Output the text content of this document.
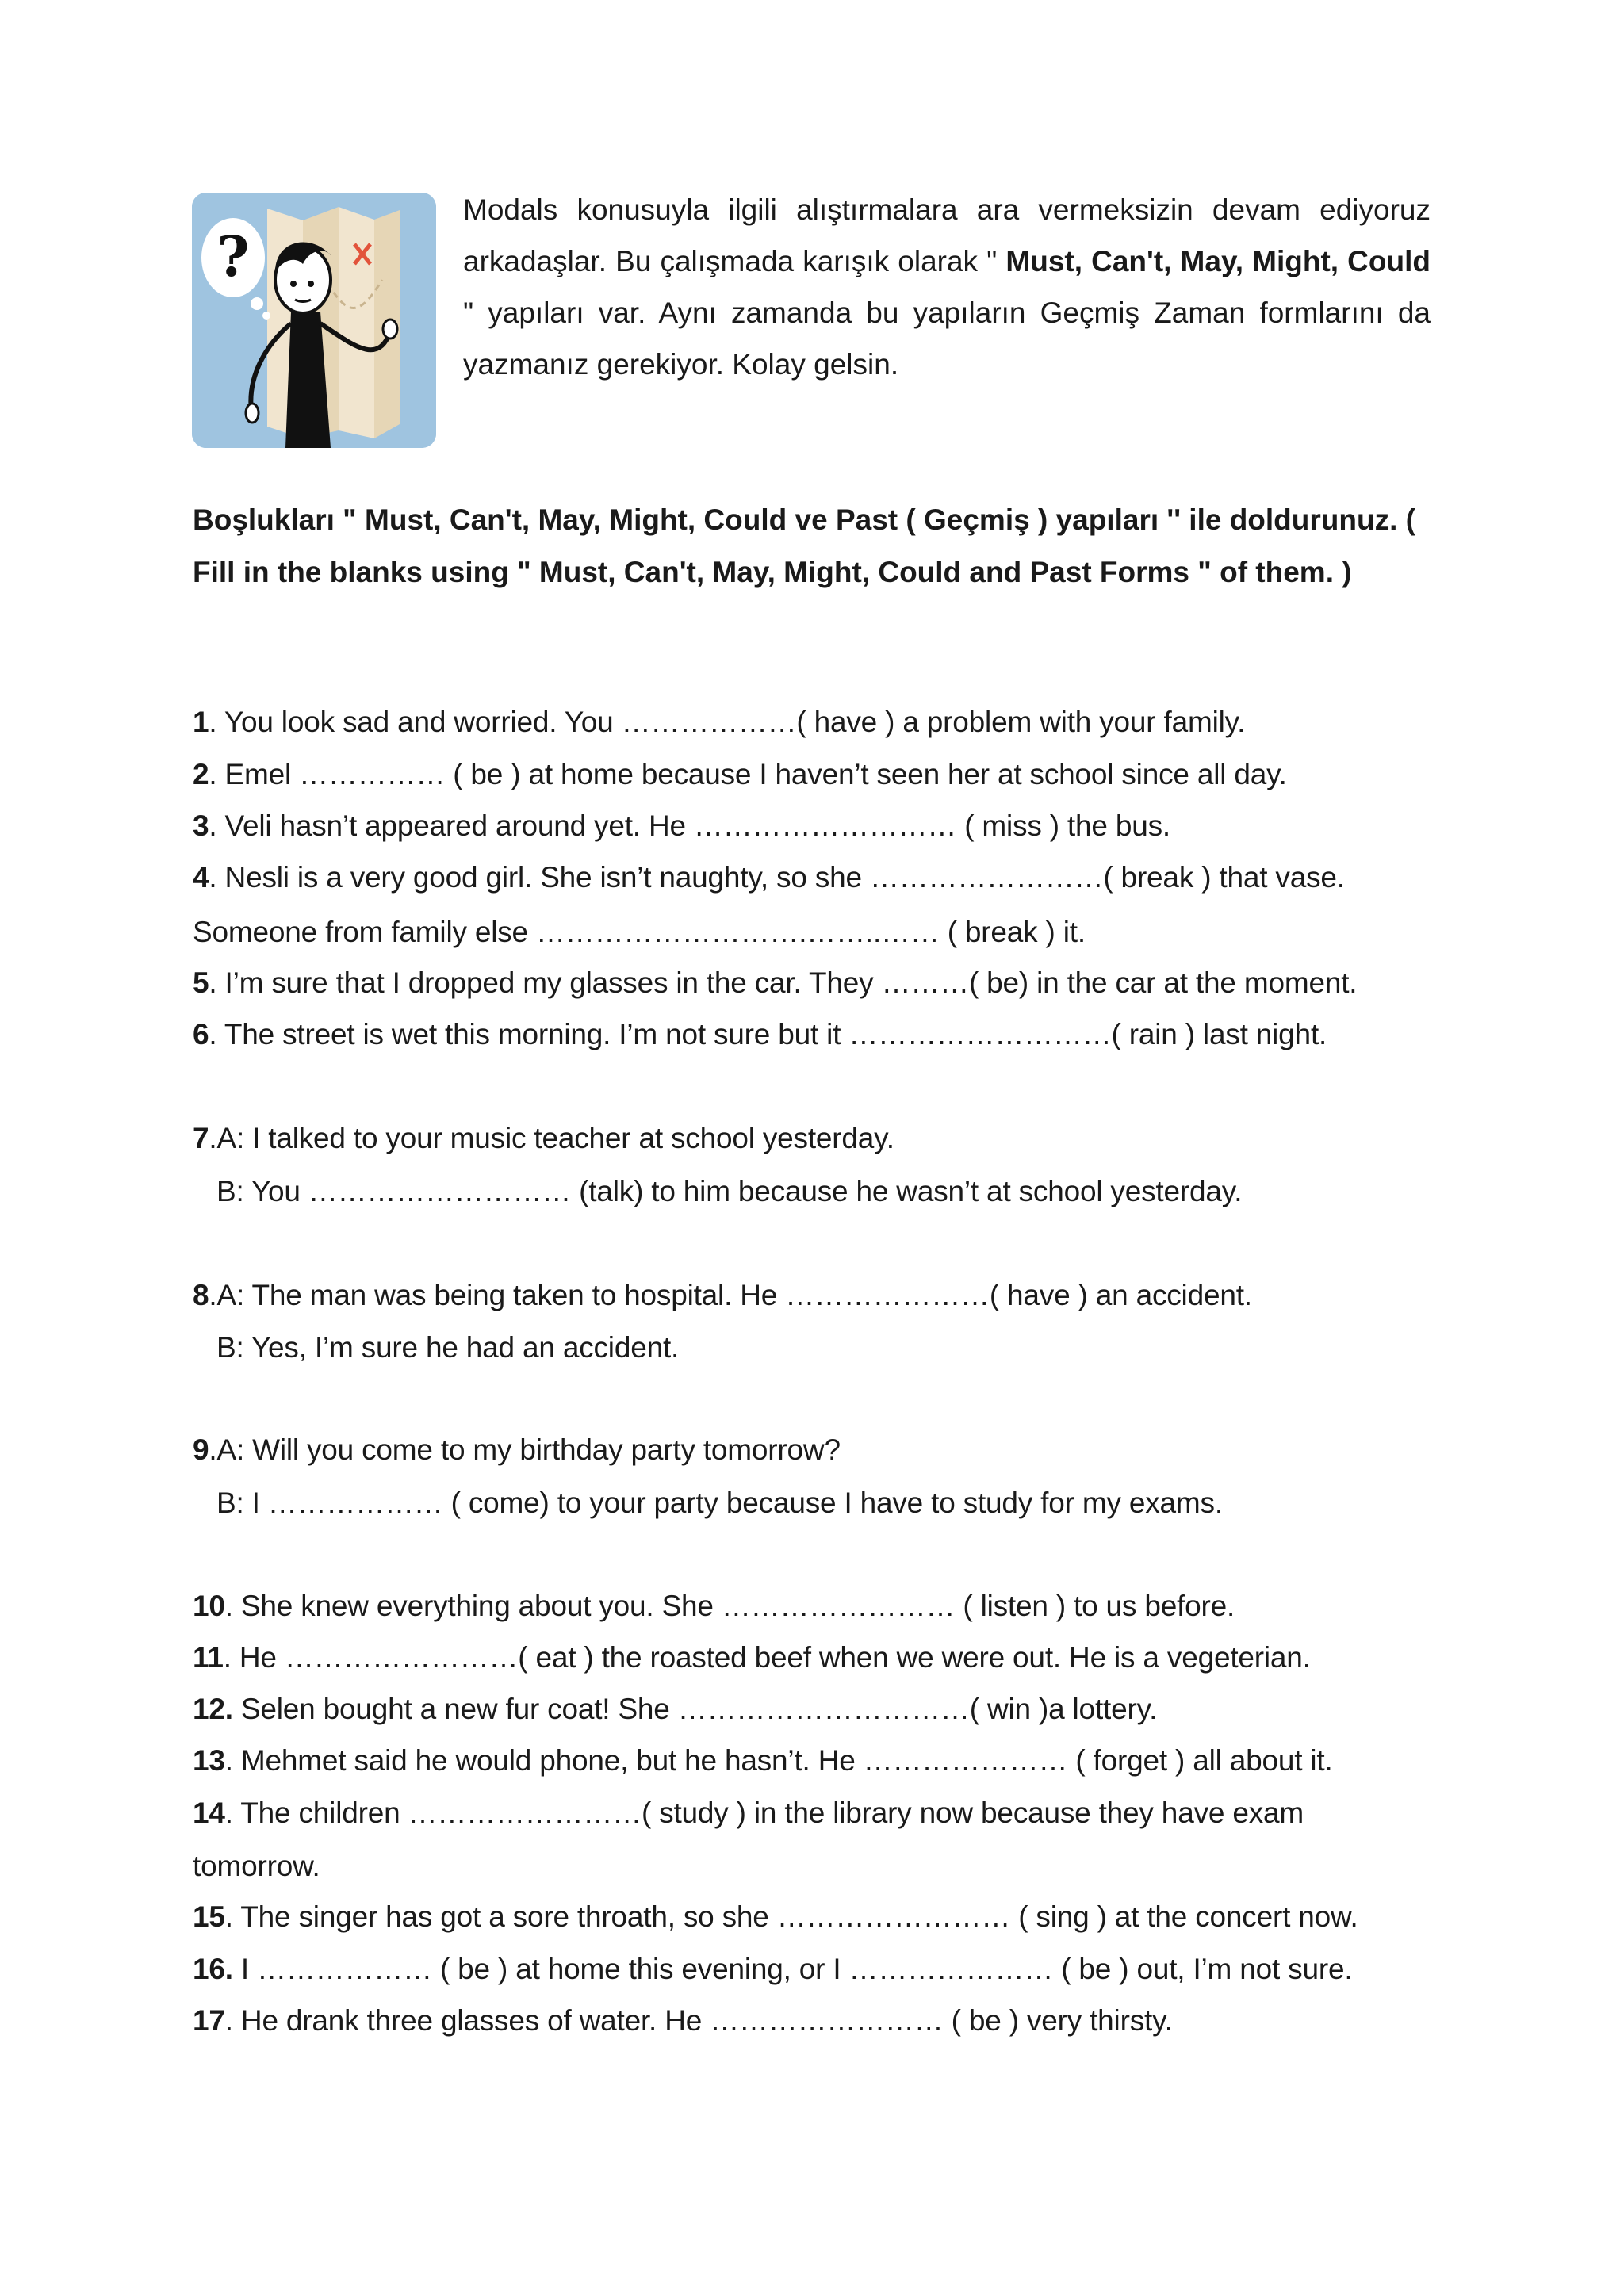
?
Modals konusuyla ilgili alıştırmalara ara vermeksizin devam ediyoruz arkadaşlar. Bu çalışmada karışık olarak " Must, Can't, May, Might, Could " yapıları var. Aynı zamanda bu yapıların Geçmiş Zaman formlarını da yazmanız gerekiyor. Kolay gelsin.
Boşlukları " Must, Can't, May, Might, Could ve Past ( Geçmiş ) yapıları '' ile doldurunuz. ( Fill in the blanks using " Must, Can't, May, Might, Could and Past Forms " of them. )
1. You look sad and worried. You ………………( have ) a problem with your family.
2. Emel …………… ( be ) at home because I haven’t seen her at school since all day.
3. Veli hasn’t appeared around yet. He ……………………… ( miss ) the bus.
4. Nesli is a very good girl. She isn’t naughty, so she ……………………( break ) that vase.
Someone from family else ……………………….……..…… ( break ) it.
5. I’m sure that I dropped my glasses in the car. They ………( be) in the car at the moment.
6. The street is wet this morning. I’m not sure but it ………………………( rain ) last night.
7.A: I talked to your music teacher at school yesterday.
B: You ……………………… (talk) to him because he wasn’t at school yesterday.
8.A: The man was being taken to hospital. He …………………( have ) an accident.
B: Yes, I’m sure he had an accident.
9.A: Will you come to my birthday party tomorrow?
B: I ……………… ( come) to your party because I have to study for my exams.
10. She knew everything about you. She …………………… ( listen ) to us before.
11. He ……………………( eat ) the roasted beef when we were out. He is a vegeterian.
12. Selen bought a new fur coat! She …………………………( win )a lottery.
13. Mehmet said he would phone, but he hasn’t. He ………………… ( forget ) all about it.
14. The children ……………………( study ) in the library now because they have exam
tomorrow.
15. The singer has got a sore throath, so she …………………… ( sing ) at the concert now.
16. I ……………… ( be ) at home this evening, or I ………………… ( be ) out, I’m not sure.
17. He drank three glasses of water. He …………………… ( be ) very thirsty.
